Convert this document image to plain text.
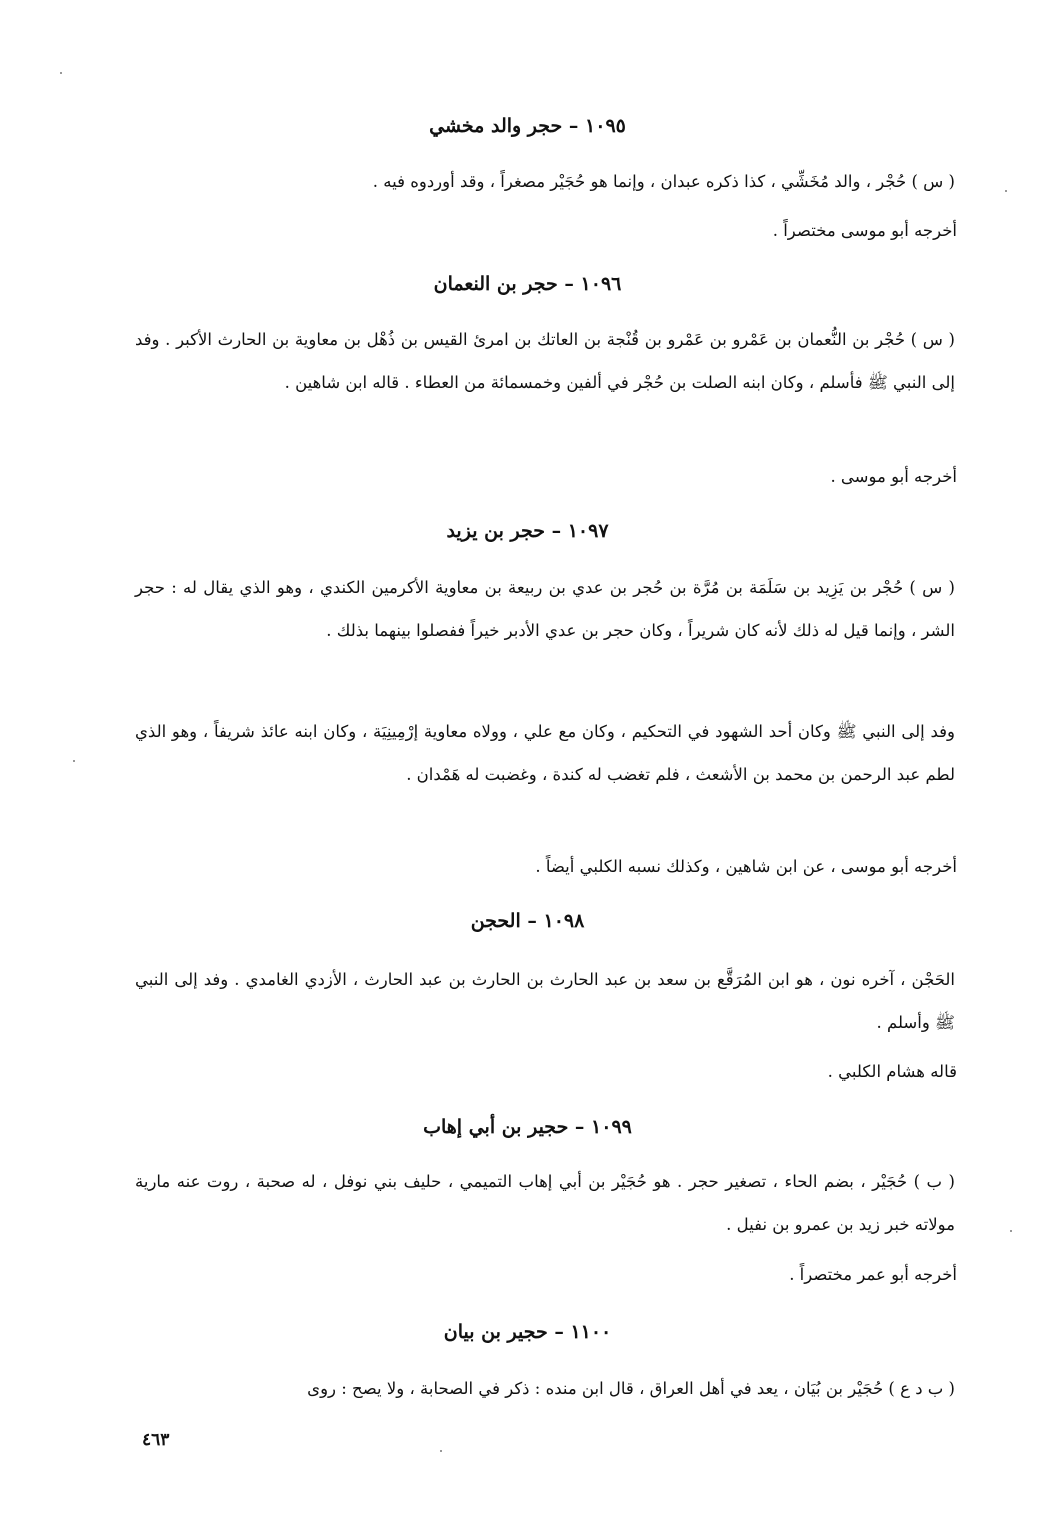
١٠٩٥ – حجر والد مخشي
( س ) حُجْر ، والد مُخَشِّي ، كذا ذكره عبدان ، وإنما هو حُجَيْر مصغراً ، وقد أوردوه فيه .
أخرجه أبو موسى مختصراً .
١٠٩٦ – حجر بن النعمان
( س ) حُجْر بن النُّعمان بن عَمْرو بن عَمْرو بن قُنْجة بن العاتك بن امرئ القيس بن ذُهْل بن معاوية بن الحارث الأكبر . وفد إلى النبي ﷺ فأسلم ، وكان ابنه الصلت بن حُجْر في ألفين وخمسمائة من العطاء . قاله ابن شاهين .
أخرجه أبو موسى .
١٠٩٧ – حجر بن يزيد
( س ) حُجْر بن يَزِيد بن سَلَمَة بن مُرَّة بن حُجر بن عدي بن ربيعة بن معاوية الأكرمين الكندي ، وهو الذي يقال له : حجر الشر ، وإنما قيل له ذلك لأنه كان شريراً ، وكان حجر بن عدي الأدبر خيراً ففصلوا بينهما بذلك .
وفد إلى النبي ﷺ وكان أحد الشهود في التحكيم ، وكان مع علي ، وولاه معاوية إرْمِينِيَة ، وكان ابنه عائذ شريفاً ، وهو الذي لطم عبد الرحمن بن محمد بن الأشعث ، فلم تغضب له كندة ، وغضبت له هَمْدان .
أخرجه أبو موسى ، عن ابن شاهين ، وكذلك نسبه الكلبي أيضاً .
١٠٩٨ – الحجن
الحَجْن ، آخره نون ، هو ابن المُرَقَّع بن سعد بن عبد الحارث بن الحارث بن عبد الحارث ، الأزدي الغامدي . وفد إلى النبي ﷺ وأسلم .
قاله هشام الكلبي .
١٠٩٩ – حجير بن أبي إهاب
( ب ) حُجَيْر ، بضم الحاء ، تصغير حجر . هو حُجَيْر بن أبي إهاب التميمي ، حليف بني نوفل ، له صحبة ، روت عنه مارية مولاته خبر زيد بن عمرو بن نفيل .
أخرجه أبو عمر مختصراً .
١١٠٠ – حجير بن بيان
( ب د ع ) حُجَيْر بن بُيَان ، يعد في أهل العراق ، قال ابن منده : ذكر في الصحابة ، ولا يصح : روى
٤٦٣
